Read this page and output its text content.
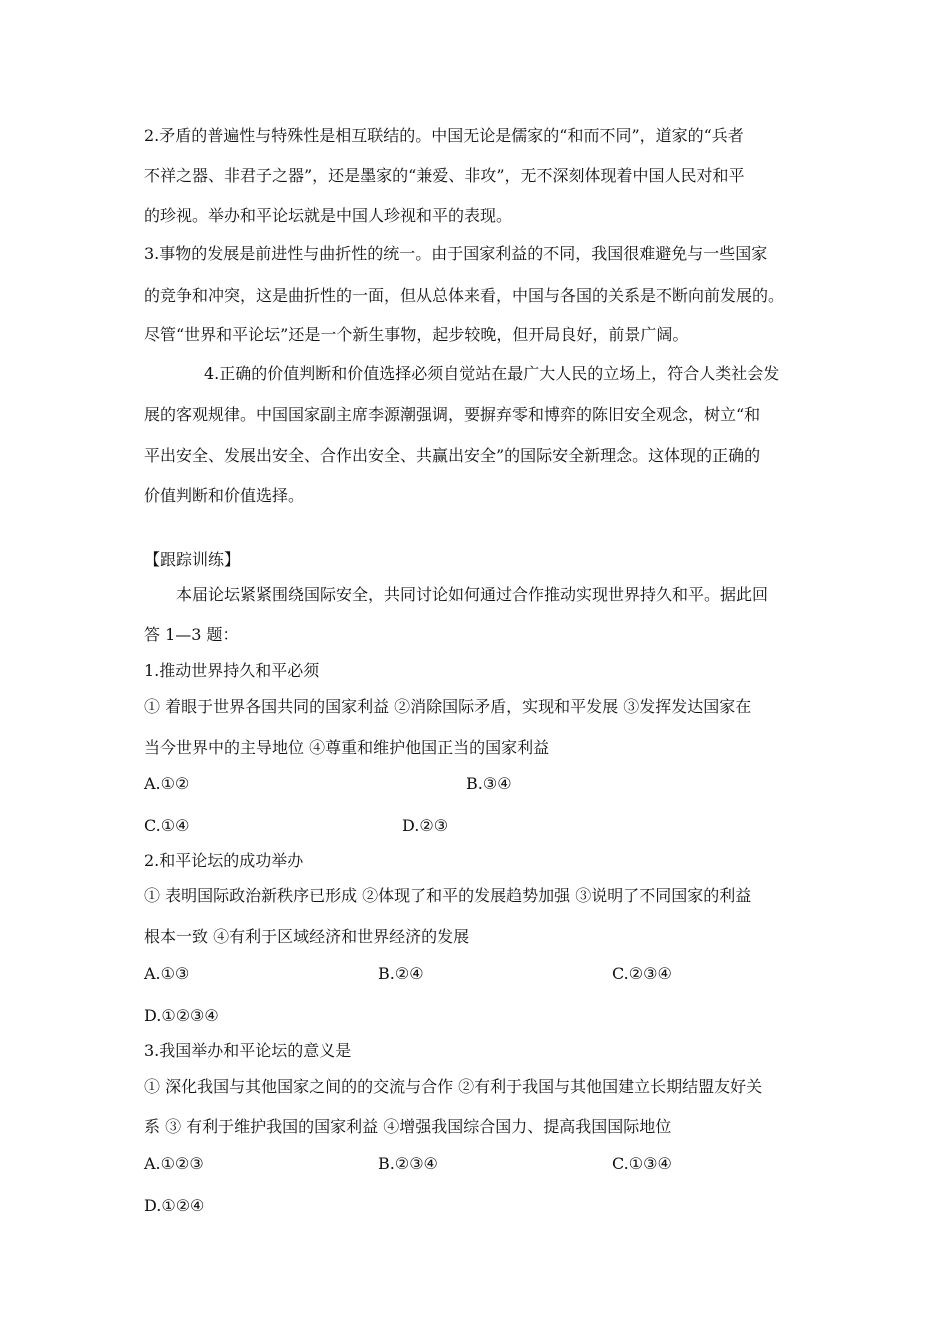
2.矛盾的普遍性与特殊性是相互联结的。中国无论是儒家的“和而不同”，道家的“兵者
不祥之器、非君子之器”，还是墨家的“兼爱、非攻”，无不深刻体现着中国人民对和平
的珍视。举办和平论坛就是中国人珍视和平的表现。
3.事物的发展是前进性与曲折性的统一。由于国家利益的不同，我国很难避免与一些国家
的竞争和冲突，这是曲折性的一面，但从总体来看，中国与各国的关系是不断向前发展的。
尽管“世界和平论坛”还是一个新生事物，起步较晚，但开局良好，前景广阔。
4.正确的价值判断和价值选择必须自觉站在最广大人民的立场上，符合人类社会发
展的客观规律。中国国家副主席李源潮强调，要摒弃零和博弈的陈旧安全观念，树立“和
平出安全、发展出安全、合作出安全、共赢出安全”的国际安全新理念。这体现的正确的
价值判断和价值选择。
【跟踪训练】
本届论坛紧紧围绕国际安全，共同讨论如何通过合作推动实现世界持久和平。据此回
答 1—3 题：
1.推动世界持久和平必须
① 着眼于世界各国共同的国家利益 ②消除国际矛盾，实现和平发展 ③发挥发达国家在
当今世界中的主导地位 ④尊重和维护他国正当的国家利益
A.①②	B.③④
C.①④	D.②③
2.和平论坛的成功举办
① 表明国际政治新秩序已形成 ②体现了和平的发展趋势加强 ③说明了不同国家的利益
根本一致 ④有利于区域经济和世界经济的发展
A.①③	B.②④	C.②③④
D.①②③④
3.我国举办和平论坛的意义是
① 深化我国与其他国家之间的的交流与合作 ②有利于我国与其他国建立长期结盟友好关
系 ③ 有利于维护我国的国家利益 ④增强我国综合国力、提高我国国际地位
A.①②③	B.②③④	C.①③④
D.①②④
